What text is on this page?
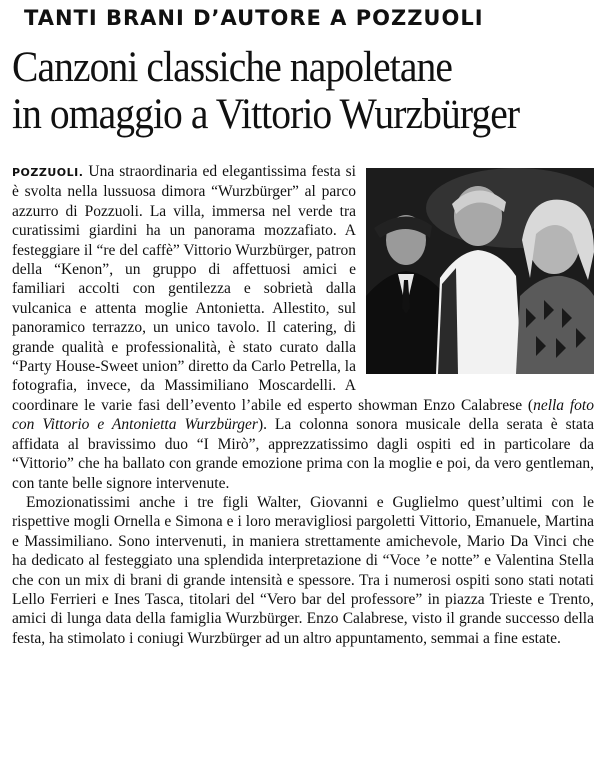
TANTI BRANI D’AUTORE A POZZUOLI
Canzoni classiche napoletane
in omaggio a Vittorio Wurzbürger

POZZUOLI. Una straordinaria ed elegantissima festa si è svolta nella lussuosa dimora “Wurzbürger” al parco azzurro di Pozzuoli. La villa, immersa nel verde tra curatissimi giardini ha un panorama mozzafiato. A festeggiare il “re del caffè” Vittorio Wurzbürger, patron della “Kenon”, un gruppo di affettuosi amici e familiari accolti con gentilezza e sobrietà dalla vulcanica e attenta moglie Antonietta. Allestito, sul panoramico terrazzo, un unico tavolo. Il catering, di grande qualità e professionalità, è stato curato dalla “Party House-Sweet union” diretto da Carlo Petrella, la fotografia, invece, da Massimiliano Moscardelli. A coordinare le varie fasi dell’evento l’abile ed esperto showman Enzo Calabrese (nella foto con Vittorio e Antonietta Wurzbürger). La colonna sonora musicale della serata è stata affidata al bravissimo duo “I Mirò”, apprezzatissimo dagli ospiti ed in particolare da “Vittorio” che ha ballato con grande emozione prima con la moglie e poi, da vero gentleman, con tante belle signore intervenute.

Emozionatissimi anche i tre figli Walter, Giovanni e Guglielmo quest’ultimi con le rispettive mogli Ornella e Simona e i loro meravigliosi pargoletti Vittorio, Emanuele, Martina e Massimiliano. Sono intervenuti, in maniera strettamente amichevole, Mario Da Vinci che ha dedicato al festeggiato una splendida interpretazione di “Voce ’e notte” e Valentina Stella che con un mix di brani di grande intensità e spessore. Tra i numerosi ospiti sono stati notati Lello Ferrieri e Ines Tasca, titolari del “Vero bar del professore” in piazza Trieste e Trento, amici di lunga data della famiglia Wurzbürger. Enzo Calabrese, visto il grande successo della festa, ha stimolato i coniugi Wurzbürger ad un altro appuntamento, semmai a fine estate.
